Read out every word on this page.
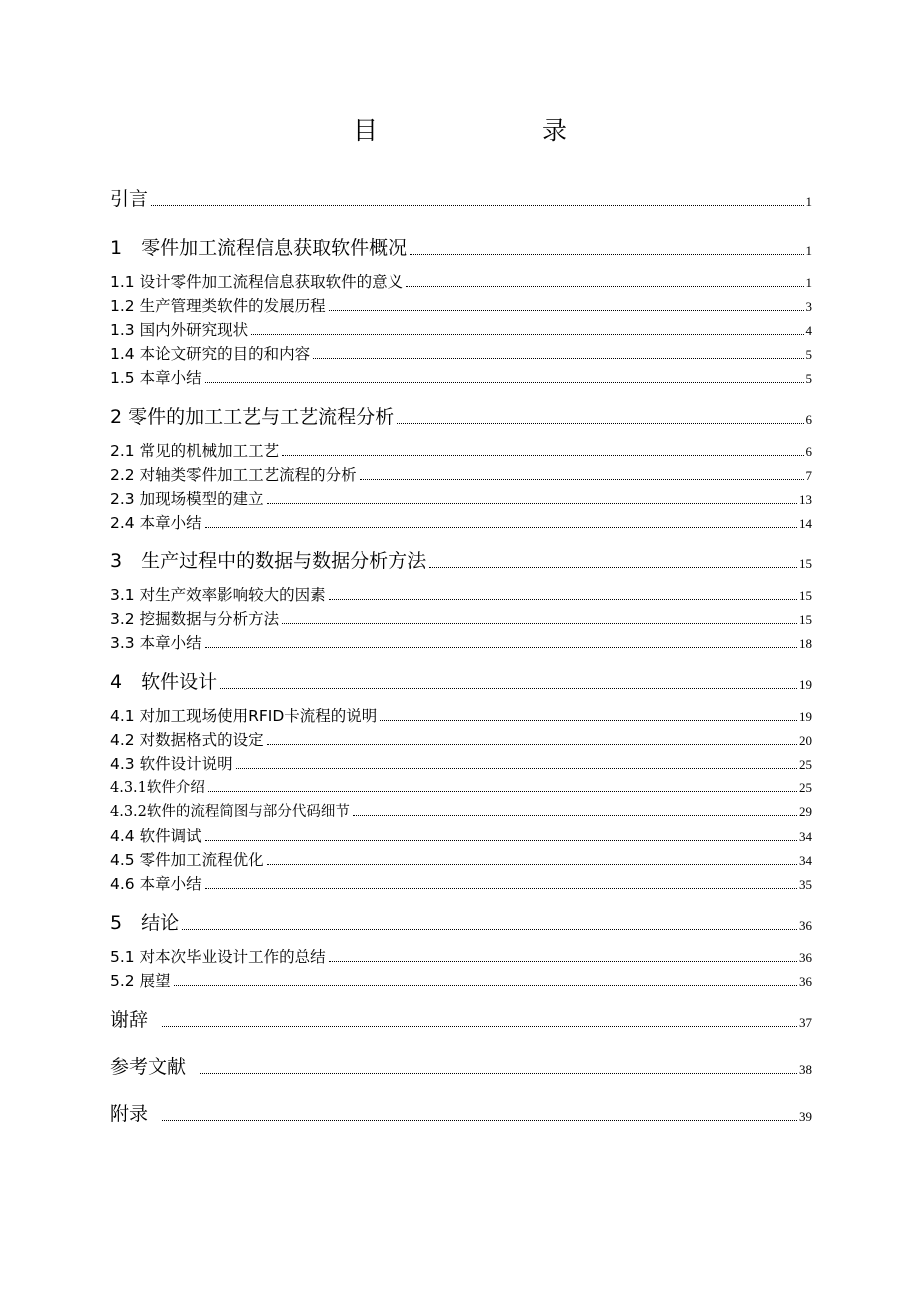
目　　录
引言	1
1　零件加工流程信息获取软件概况	1
1.1 设计零件加工流程信息获取软件的意义	1
1.2 生产管理类软件的发展历程	3
1.3 国内外研究现状	4
1.4 本论文研究的目的和内容	5
1.5 本章小结	5
2 零件的加工工艺与工艺流程分析	6
2.1 常见的机械加工工艺	6
2.2 对轴类零件加工工艺流程的分析	7
2.3 加现场模型的建立	13
2.4 本章小结	14
3　生产过程中的数据与数据分析方法	15
3.1 对生产效率影响较大的因素	15
3.2 挖掘数据与分析方法	15
3.3 本章小结	18
4　软件设计	19
4.1 对加工现场使用RFID卡流程的说明	19
4.2 对数据格式的设定	20
4.3 软件设计说明	25
4.3.1软件介绍	25
4.3.2软件的流程简图与部分代码细节	29
4.4 软件调试	34
4.5 零件加工流程优化	34
4.6 本章小结	35
5　结论	36
5.1 对本次毕业设计工作的总结	36
5.2 展望	36
谢辞	37
参考文献	38
附录	39
